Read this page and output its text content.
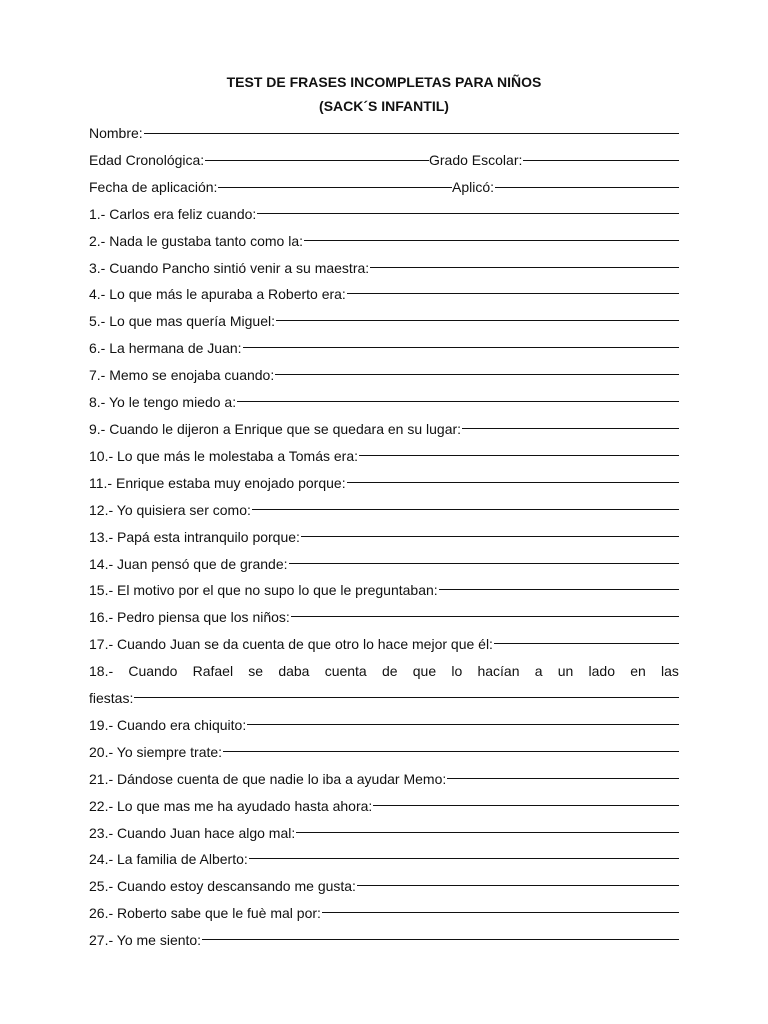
TEST DE FRASES INCOMPLETAS PARA NIÑOS
(SACK´S INFANTIL)
Nombre:
Edad Cronológica:	Grado Escolar:
Fecha de aplicación:	Aplicó:
1.- Carlos era feliz cuando:
2.- Nada le gustaba tanto como la:
3.- Cuando Pancho sintió venir a su maestra:
4.- Lo que más le apuraba a Roberto era:
5.- Lo que mas quería Miguel:
6.- La hermana de Juan:
7.- Memo se enojaba cuando:
8.- Yo le tengo miedo a:
9.- Cuando le dijeron a Enrique que se quedara en su lugar:
10.- Lo que más le molestaba a Tomás era:
11.- Enrique estaba muy enojado porque:
12.- Yo quisiera ser como:
13.- Papá esta intranquilo porque:
14.- Juan pensó que de grande:
15.- El motivo por el que no supo lo que le preguntaban:
16.- Pedro piensa que los niños:
17.- Cuando Juan se da cuenta de que otro lo hace mejor que él:
18.- Cuando Rafael se daba cuenta de que lo hacían a un lado en las
fiestas:
19.- Cuando era chiquito:
20.- Yo siempre trate:
21.- Dándose cuenta de que nadie lo iba a ayudar Memo:
22.- Lo que mas me ha ayudado hasta ahora:
23.- Cuando Juan hace algo mal:
24.- La familia de Alberto:
25.- Cuando estoy descansando me gusta:
26.- Roberto sabe que le fuè mal por:
27.- Yo me siento:
